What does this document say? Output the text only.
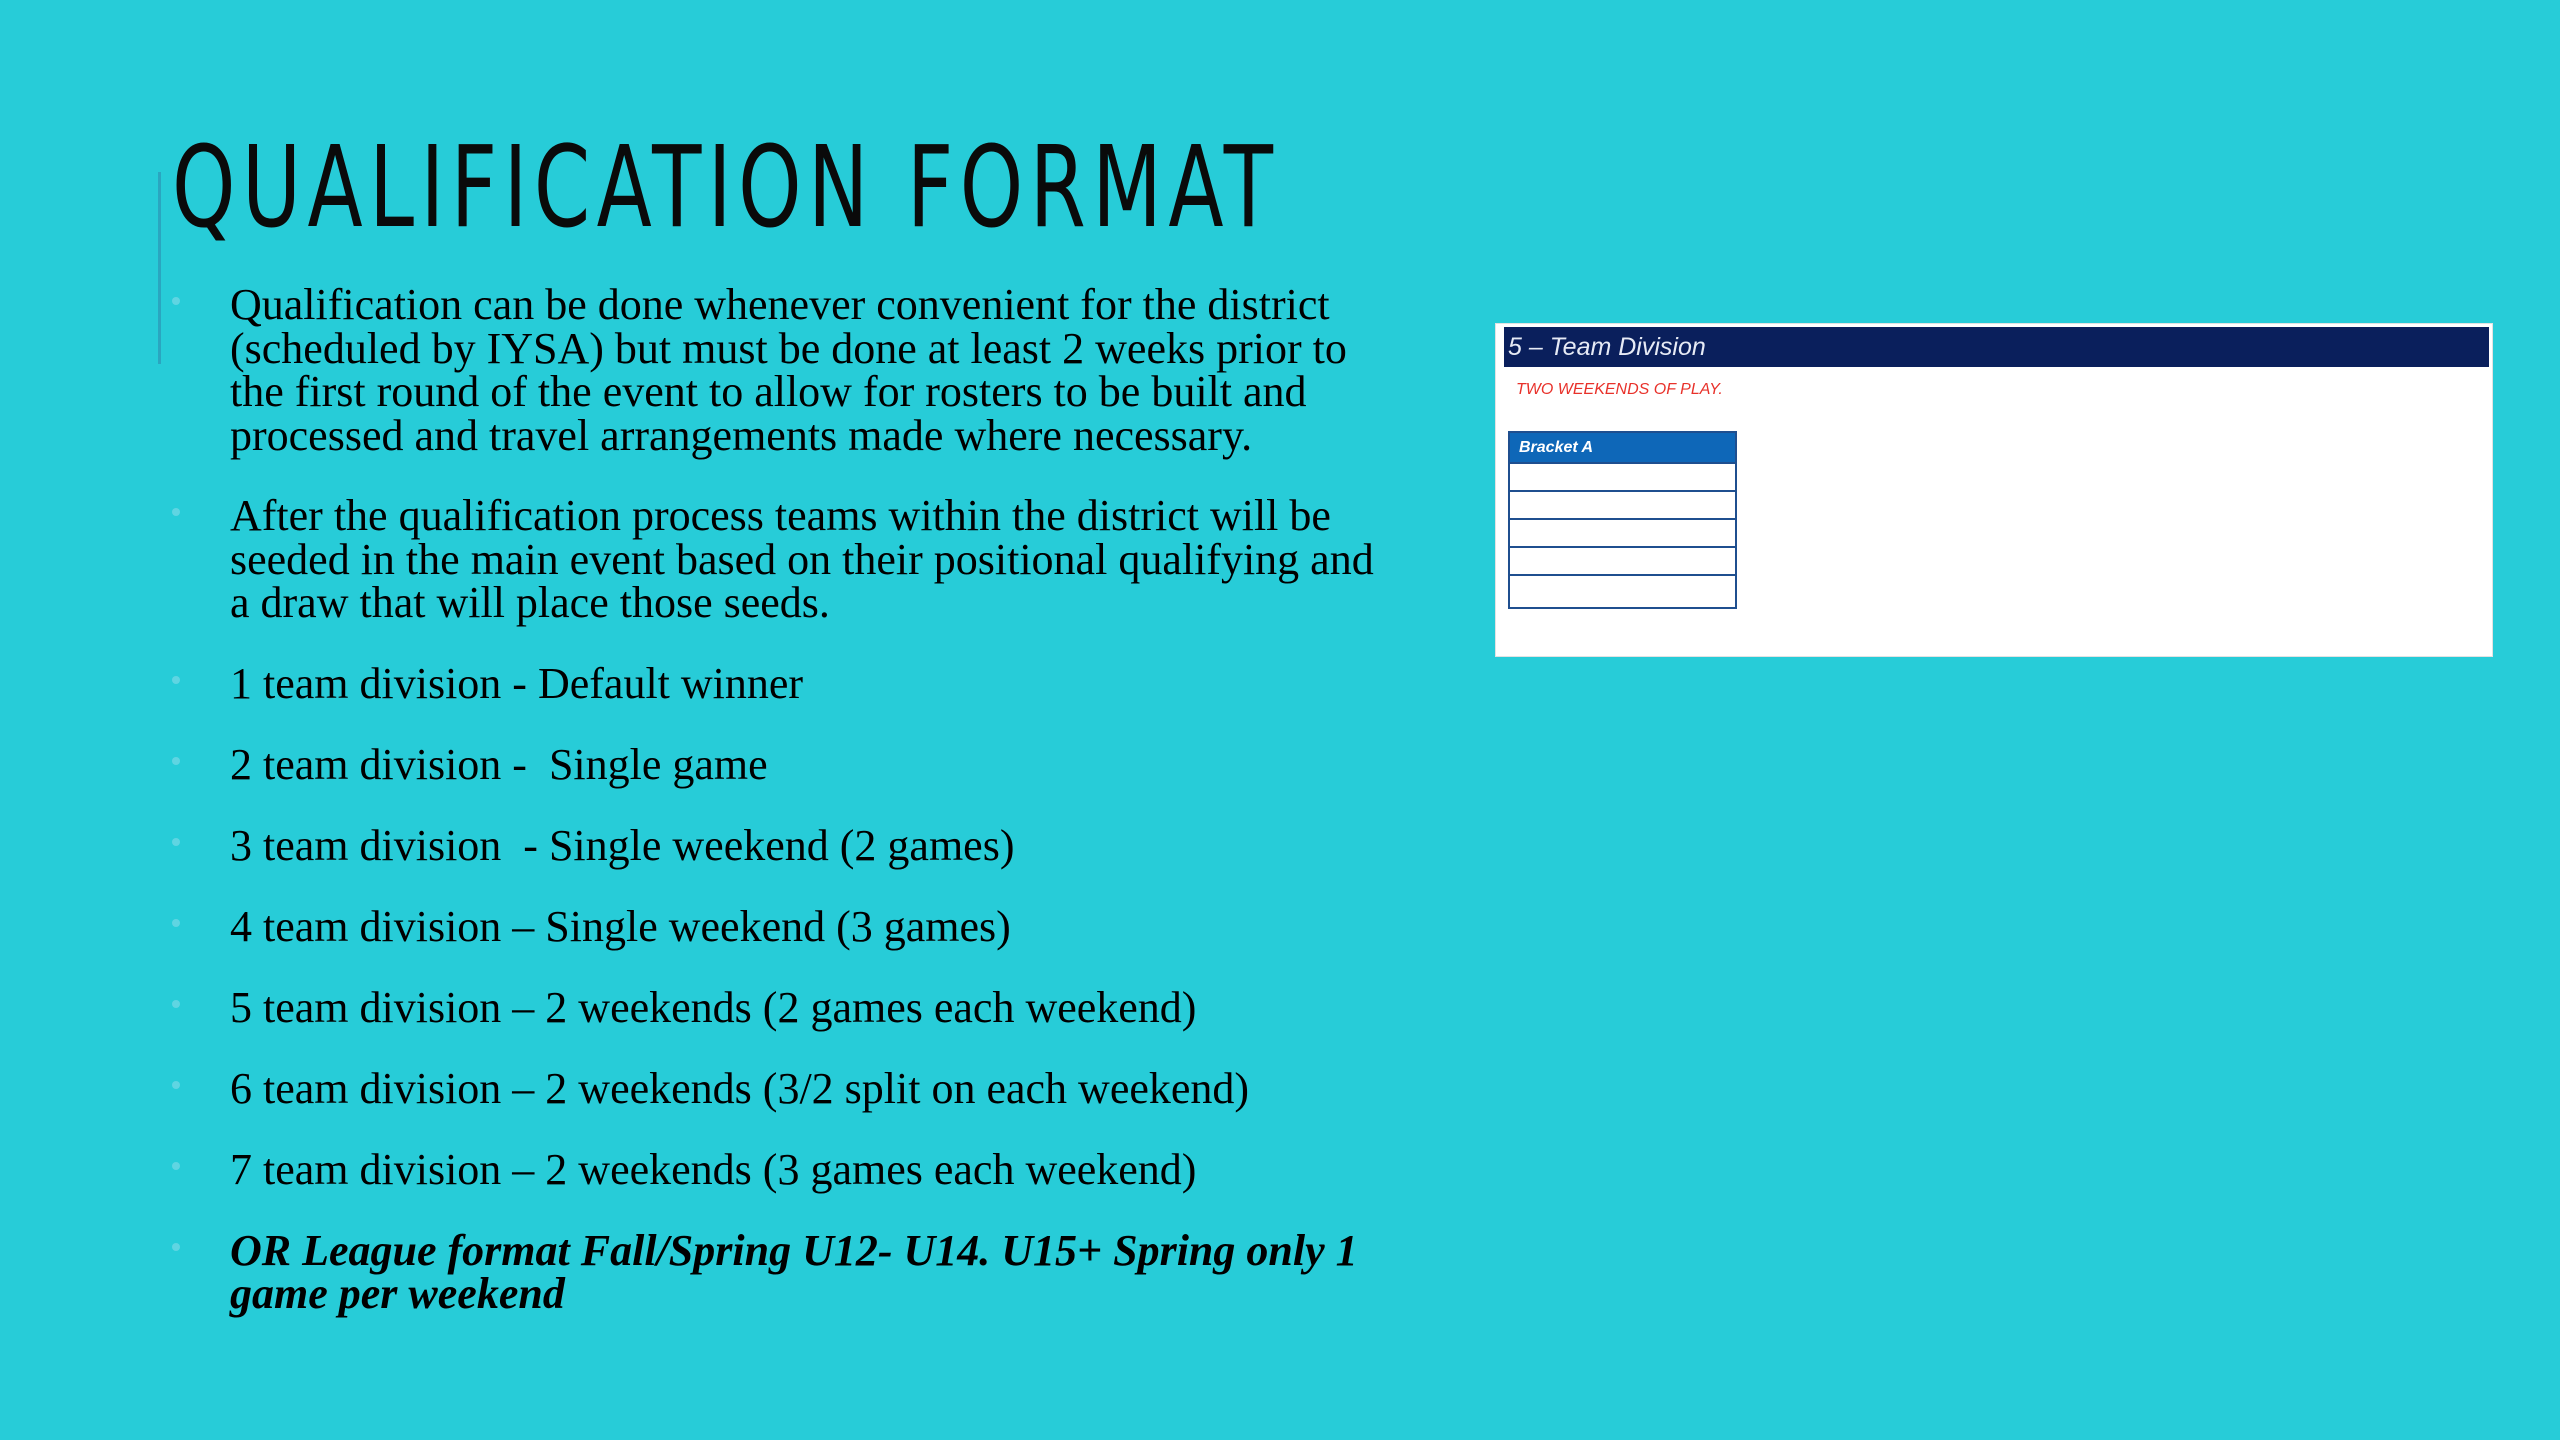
QUALIFICATION FORMAT
Qualification can be done whenever convenient for the district (scheduled by IYSA) but must be done at least 2 weeks prior to the first round of the event to allow for rosters to be built and processed and travel arrangements made where necessary.
After the qualification process teams within the district will be seeded in the main event based on their positional qualifying and a draw that will place those seeds.
1 team division - Default winner
2 team division -  Single game
3 team division  - Single weekend (2 games)
4 team division – Single weekend (3 games)
5 team division – 2 weekends (2 games each weekend)
6 team division – 2 weekends (3/2 split on each weekend)
7 team division – 2 weekends (3 games each weekend)
OR League format Fall/Spring U12- U14. U15+ Spring only 1 game per weekend
5 – Team Division
TWO WEEKENDS OF PLAY.
Bracket A
